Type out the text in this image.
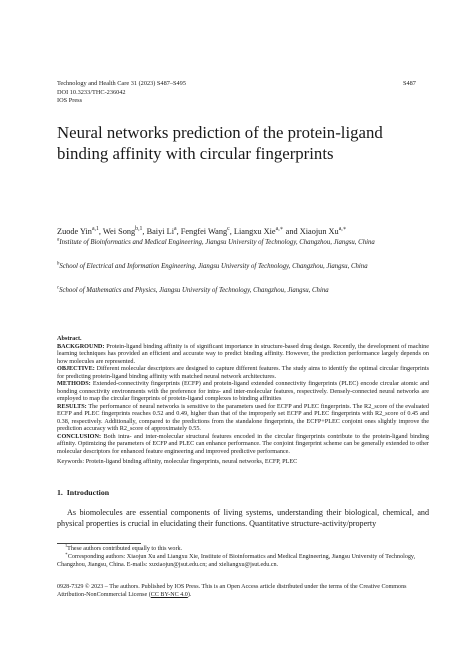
Technology and Health Care 31 (2023) S487–S495
DOI 10.3233/THC-236042
IOS Press
S487
Neural networks prediction of the protein-ligand binding affinity with circular fingerprints
Zuode Yin$^{a,1}$, Wei Song$^{b,1}$, Baiyi Li$^a$, Fengfei Wang$^c$, Liangxu Xie$^{a,∗}$ and Xiaojun $Xu^{a,∗}$
$^a$Institute of Bioinformatics and Medical Engineering, Jiangsu University of Technology, Changzhou, Jiangsu, China
$^b$School of Electrical and Information Engineering, Jiangsu University of Technology, Changzhou, Jiangsu, China
$^c$School of Mathematics and Physics, Jiangsu University of Technology, Changzhou, Jiangsu, China
Abstract.
BACKGROUND: Protein-ligand binding affinity is of significant importance in structure-based drug design. Recently, the development of machine learning techniques has provided an efficient and accurate way to predict binding affinity. However, the prediction performance largely depends on how molecules are represented.
OBJECTIVE: Different molecular descriptors are designed to capture different features. The study aims to identify the optimal circular fingerprints for predicting protein-ligand binding affinity with matched neural network architectures.
METHODS: Extended-connectivity fingerprints (ECFP) and protein-ligand extended connectivity fingerprints (PLEC) encode circular atomic and bonding connectivity environments with the preference for intra- and inter-molecular features, respectively. Densely-connected neural networks are employed to map the circular fingerprints of protein-ligand complexes to binding affinities
RESULTS: The performance of neural networks is sensitive to the parameters used for ECFP and PLEC fingerprints. The R2_score of the evaluated ECFP and PLEC fingerprints reaches 0.52 and 0.49, higher than that of the improperly set ECFP and PLEC fingerprints with R2_score of 0.45 and 0.38, respectively. Additionally, compared to the predictions from the standalone fingerprints, the ECFP+PLEC conjoint ones slightly improve the prediction accuracy with R2_score of approximately 0.55.
CONCLUSION: Both intra- and inter-molecular structural features encoded in the circular fingerprints contribute to the protein-ligand binding affinity. Optimizing the parameters of ECFP and PLEC can enhance performance. The conjoint fingerprint scheme can be generally extended to other molecular descriptors for enhanced feature engineering and improved predictive performance.
Keywords: Protein-ligand binding affinity, molecular fingerprints, neural networks, ECFP, PLEC
1. Introduction
As biomolecules are essential components of living systems, understanding their biological, chemical, and physical properties is crucial in elucidating their functions. Quantitative structure-activity/property
$^1$These authors contributed equally to this work.
∗Corresponding authors: Xiaojun Xu and Liangxu Xie, Institute of Bioinformatics and Medical Engineering, Jiangsu University of Technology, Changzhou, Jiangsu, China. E-mails: xuxiaojun@jsut.edu.cn; and xieliangxu@jsut.edu.cn.
0928-7329 © 2023 – The authors. Published by IOS Press. This is an Open Access article distributed under the terms of the Creative Commons Attribution-NonCommercial License (CC BY-NC 4.0).
